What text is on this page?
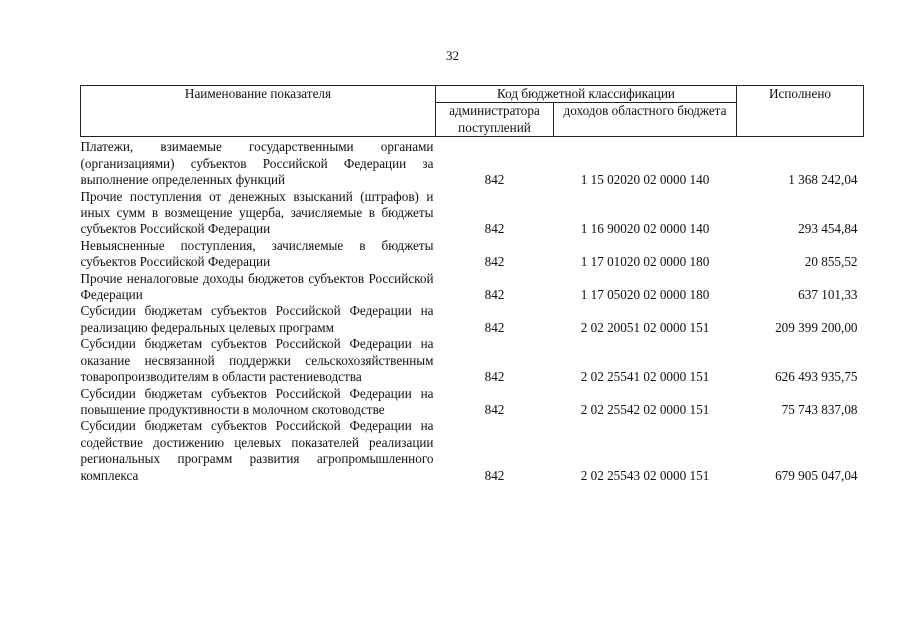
32
Наименование показателя	Код бюджетной классификации		Исполнено
	администратора поступлений	доходов областного бюджета	
Платежи, взимаемые государственными органами (организациями) субъектов Российской Федерации за выполнение определенных функций	842	1 15 02020 02 0000 140	1 368 242,04
Прочие поступления от денежных взысканий (штрафов) и иных сумм в возмещение ущерба, зачисляемые в бюджеты субъектов Российской Федерации	842	1 16 90020 02 0000 140	293 454,84
Невыясненные поступления, зачисляемые в бюджеты субъектов Российской Федерации	842	1 17 01020 02 0000 180	20 855,52
Прочие неналоговые доходы бюджетов субъектов Российской Федерации	842	1 17 05020 02 0000 180	637 101,33
Субсидии бюджетам субъектов Российской Федерации на реализацию федеральных целевых программ	842	2 02 20051 02 0000 151	209 399 200,00
Субсидии бюджетам субъектов Российской Федерации на оказание несвязанной поддержки сельскохозяйственным товаропроизводителям в области растениеводства	842	2 02 25541 02 0000 151	626 493 935,75
Субсидии бюджетам субъектов Российской Федерации на повышение продуктивности в молочном скотоводстве	842	2 02 25542 02 0000 151	75 743 837,08
Субсидии бюджетам субъектов Российской Федерации на содействие достижению целевых показателей реализации региональных программ развития агропромышленного комплекса	842	2 02 25543 02 0000 151	679 905 047,04
